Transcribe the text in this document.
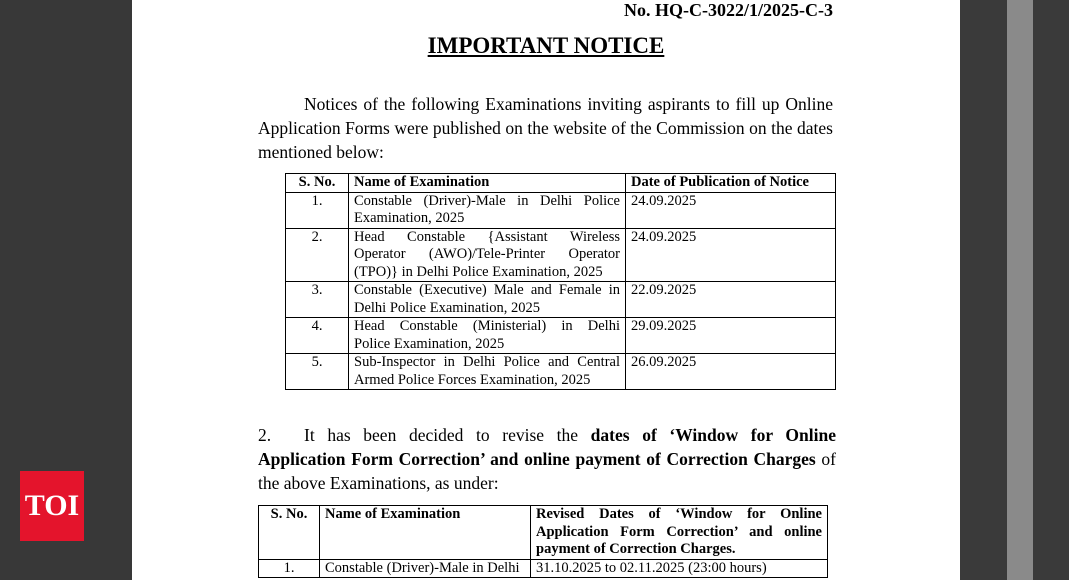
No. HQ-C-3022/1/2025-C-3
IMPORTANT NOTICE
Notices of the following Examinations inviting aspirants to fill up Online
Application Forms were published on the website of the Commission on the dates
mentioned below:
S. No.	Name of Examination	Date of Publication of Notice
1.	Constable (Driver)-Male in Delhi Police
Examination, 2025	24.09.2025
2.	Head Constable {Assistant Wireless
Operator (AWO)/Tele-Printer Operator
(TPO)} in Delhi Police Examination, 2025	24.09.2025
3.	Constable (Executive) Male and Female in
Delhi Police Examination, 2025	22.09.2025
4.	Head Constable (Ministerial) in Delhi
Police Examination, 2025	29.09.2025
5.	Sub-Inspector in Delhi Police and Central
Armed Police Forces Examination, 2025	26.09.2025
2. It has been decided to revise the dates of ‘Window for Online
Application Form Correction’ and online payment of Correction Charges of
the above Examinations, as under:
S. No.	Name of Examination	Revised Dates of ‘Window for Online Application Form Correction’ and online payment of Correction Charges.
1.	Constable (Driver)-Male in Delhi	31.10.2025 to 02.11.2025 (23:00 hours)
TOI
